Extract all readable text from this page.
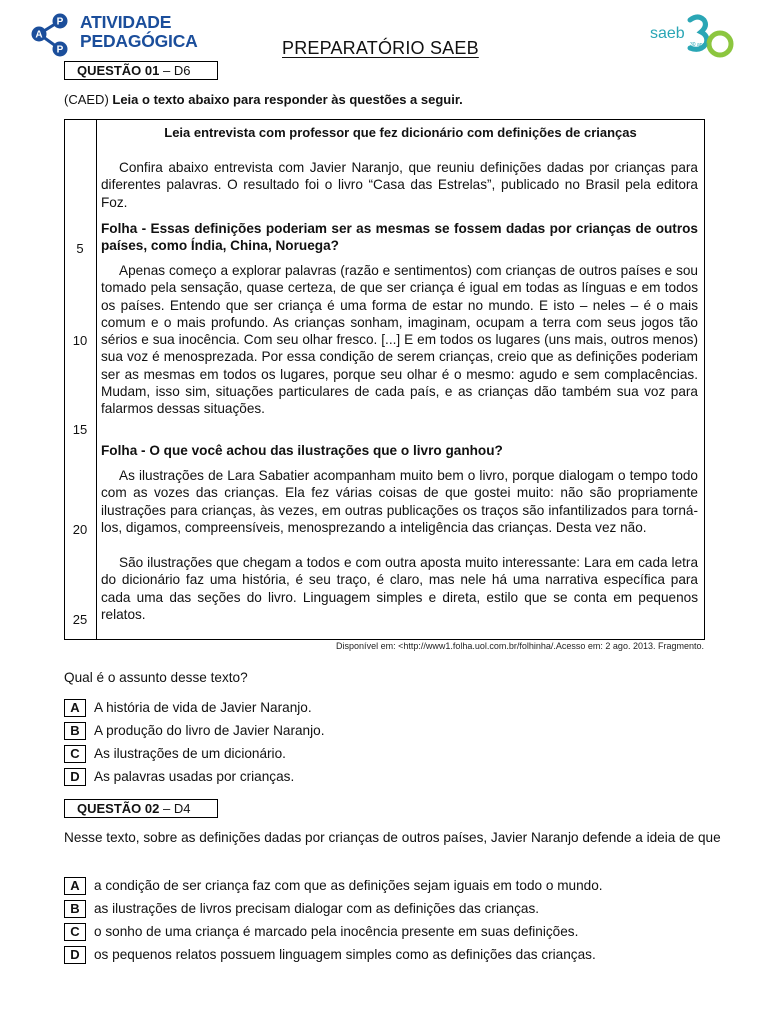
P
A
P
ATIVIDADE
PEDAGÓGICA	PREPARATÓRIO SAEB
saeb
30 anos
QUESTÃO 01 – D6
(CAED) Leia o texto abaixo para responder às questões a seguir.
5
10
15
20
25
Leia entrevista com professor que fez dicionário com definições de crianças

Confira abaixo entrevista com Javier Naranjo, que reuniu definições dadas por crianças para diferentes palavras. O resultado foi o livro “Casa das Estrelas”, publicado no Brasil pela editora Foz.

Folha - Essas definições poderiam ser as mesmas se fossem dadas por crianças de outros países, como Índia, China, Noruega?

Apenas começo a explorar palavras (razão e sentimentos) com crianças de outros países e sou tomado pela sensação, quase certeza, de que ser criança é igual em todas as línguas e em todos os países. Entendo que ser criança é uma forma de estar no mundo. E isto – neles – é o mais comum e o mais profundo. As crianças sonham, imaginam, ocupam a terra com seus jogos tão sérios e sua inocência. Com seu olhar fresco. [...] E em todos os lugares (uns mais, outros menos) sua voz é menosprezada. Por essa condição de serem crianças, creio que as definições poderiam ser as mesmas em todos os lugares, porque seu olhar é o mesmo: agudo e sem complacências. Mudam, isso sim, situações particulares de cada país, e as crianças dão também sua voz para falarmos dessas situações.

Folha - O que você achou das ilustrações que o livro ganhou?

As ilustrações de Lara Sabatier acompanham muito bem o livro, porque dialogam o tempo todo com as vozes das crianças. Ela fez várias coisas de que gostei muito: não são propriamente ilustrações para crianças, às vezes, em outras publicações os traços são infantilizados para torná-los, digamos, compreensíveis, menosprezando a inteligência das crianças. Desta vez não.

São ilustrações que chegam a todos e com outra aposta muito interessante: Lara em cada letra do dicionário faz uma história, é seu traço, é claro, mas nele há uma narrativa específica para cada uma das seções do livro. Linguagem simples e direta, estilo que se conta em pequenos relatos.

Disponível em: <http://www1.folha.uol.com.br/folhinha/.Acesso em: 2 ago. 2013. Fragmento.
Qual é o assunto desse texto?
A	A história de vida de Javier Naranjo.
B	A produção do livro de Javier Naranjo.
C	As ilustrações de um dicionário.
D	As palavras usadas por crianças.
QUESTÃO 02 – D4
Nesse texto, sobre as definições dadas por crianças de outros países, Javier Naranjo defende a ideia de que
A	a condição de ser criança faz com que as definições sejam iguais em todo o mundo.
B	as ilustrações de livros precisam dialogar com as definições das crianças.
C	o sonho de uma criança é marcado pela inocência presente em suas definições.
D	os pequenos relatos possuem linguagem simples como as definições das crianças.
